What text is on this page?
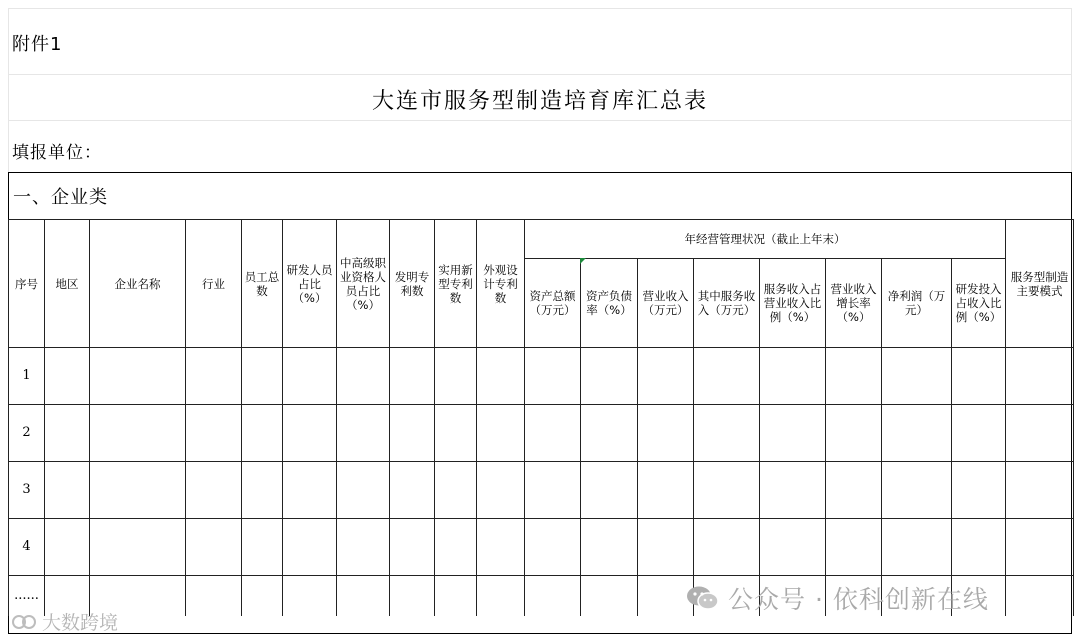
附件1
大连市服务型制造培育库汇总表
填报单位：
一、企业类
序号	地区	企业名称	行业	员工总数	研发人员占比（%）	中高级职业资格人员占比（%）	发明专利数	实用新型专利数	外观设计专利数	年经营管理状况（截止上年末）								服务型制造主要模式
										资产总额（万元）	资产负债率（%）	营业收入（万元）	其中服务收入（万元）	服务收入占营业收入比例（%）	营业收入增长率（%）	净利润（万元）	研发投入占收入比例（%）	
1																		
2																		
3																		
4																		
......																			公众号 · 依科创新在线
大数跨境
